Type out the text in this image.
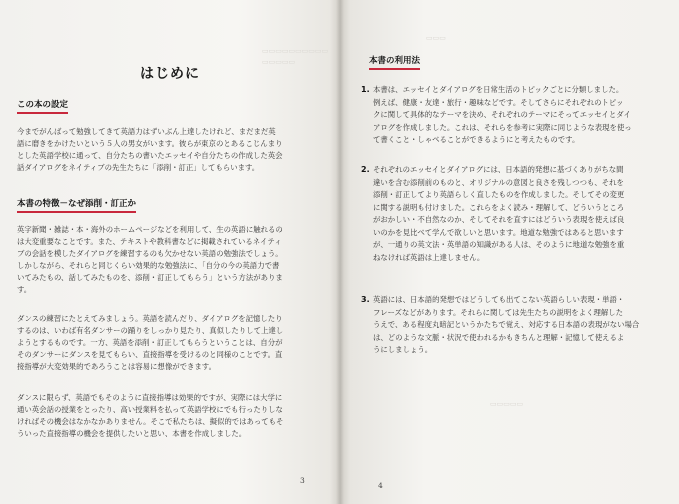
▭▭▭▭▭▭▭▭▭▭
▭▭▭▭▭
はじめに
この本の設定

今までがんばって勉強してきて英語力はずいぶん上達したけれど、まだまだ英

語に磨きをかけたいという５人の男女がいます。彼らが東京のとあるこじんまり

とした英語学校に通って、自分たちの書いたエッセイや自分たちの作成した英会

話ダイアログをネイティブの先生たちに「添削・訂正」してもらいます。

本書の特徴－なぜ添削・訂正か

英字新聞・雑誌・本・海外のホームページなどを利用して、生の英語に触れるの

は大変重要なことです。また、テキストや教科書などに掲載されているネイティ

ブの会話を模したダイアログを練習するのも欠かせない英語の勉強法でしょう。

しかしながら、それらと同じくらい効果的な勉強法に、「自分の今の英語力で書

いてみたもの、話してみたものを、添削・訂正してもらう」という方法がありま

す。

ダンスの練習にたとえてみましょう。英語を読んだり、ダイアログを記憶したり

するのは、いわば有名ダンサーの踊りをしっかり見たり、真似したりして上達し

ようとするものです。一方、英語を添削・訂正してもらうということは、自分が

そのダンサーにダンスを見てもらい、直接指導を受けるのと同様のことです。直

接指導が大変効果的であろうことは容易に想像ができます。

ダンスに限らず、英語でもそのように直接指導は効果的ですが、実際には大学に

通い英会話の授業をとったり、高い授業料を払って英語学校にでも行ったりしな

ければその機会はなかなかありません。そこで私たちは、擬似的ではあってもそ

ういった直接指導の機会を提供したいと思い、本書を作成しました。

3
▭▭▭
▭▭▭▭▭
本書の利用法
1. 本書は、エッセイとダイアログを日常生活のトピックごとに分類しました。
例えば、健康・友達・旅行・趣味などです。そしてさらにそれぞれのトピッ
クに関して具体的なテーマを決め、それぞれのテーマにそってエッセイとダイ
アログを作成しました。これは、それらを参考に実際に同じような表現を使っ
て書くこと・しゃべることができるようにと考えたものです。
2. それぞれのエッセイとダイアログには、日本語的発想に基づくありがちな間
違いを含む添削前のものと、オリジナルの意図と良さを残しつつも、それを
添削・訂正してより英語らしく直したものを作成しました。そしてその変更
に関する説明も付けました。これらをよく読み・理解して、どういうところ
がおかしい・不自然なのか、そしてそれを直すにはどういう表現を使えば良
いのかを見比べて学んで欲しいと思います。地道な勉強ではあると思います
が、一通りの英文法・英単語の知識がある人は、そのように地道な勉強を重
ねなければ英語は上達しません。
3. 英語には、日本語的発想ではどうしても出てこない英語らしい表現・単語・
フレーズなどがあります。それらに関しては先生たちの説明をよく理解した
うえで、ある程度丸暗記というかたちで覚え、対応する日本語の表現がない場合
は、どのような文脈・状況で使われるかもきちんと理解・記憶して使えるよ
うにしましょう。
4
